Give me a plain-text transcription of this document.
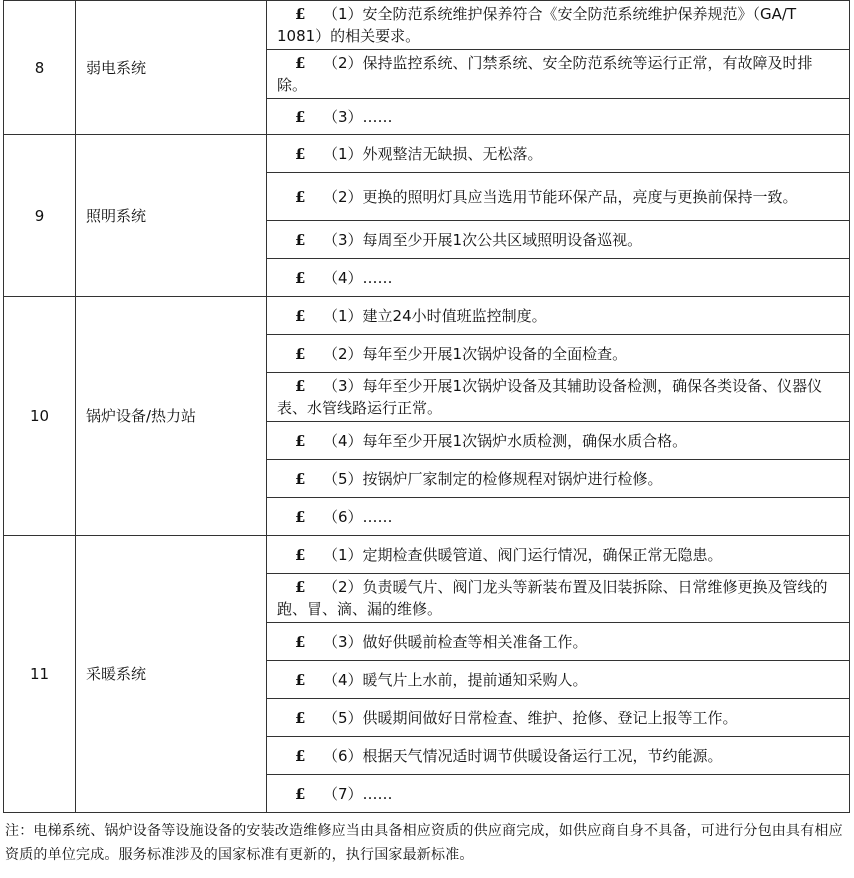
8	弱电系统	£ （1）安全防范系统维护保养符合《安全防范系统维护保养规范》（GA/T 1081）的相关要求。
		£ （2）保持监控系统、门禁系统、安全防范系统等运行正常，有故障及时排除。
		£ （3）……
9	照明系统	£ （1）外观整洁无缺损、无松落。
		£ （2）更换的照明灯具应当选用节能环保产品，亮度与更换前保持一致。
		£ （3）每周至少开展1次公共区域照明设备巡视。
		£ （4）……
10	锅炉设备/热力站	£ （1）建立24小时值班监控制度。
		£ （2）每年至少开展1次锅炉设备的全面检查。
		£ （3）每年至少开展1次锅炉设备及其辅助设备检测，确保各类设备、仪器仪表、水管线路运行正常。
		£ （4）每年至少开展1次锅炉水质检测，确保水质合格。
		£ （5）按锅炉厂家制定的检修规程对锅炉进行检修。
		£ （6）……
11	采暖系统	£ （1）定期检查供暖管道、阀门运行情况，确保正常无隐患。
		£ （2）负责暖气片、阀门龙头等新装布置及旧装拆除、日常维修更换及管线的跑、冒、滴、漏的维修。
		£ （3）做好供暖前检查等相关准备工作。
		£ （4）暖气片上水前，提前通知采购人。
		£ （5）供暖期间做好日常检查、维护、抢修、登记上报等工作。
		£ （6）根据天气情况适时调节供暖设备运行工况，节约能源。
		£ （7）……
注：电梯系统、锅炉设备等设施设备的安装改造维修应当由具备相应资质的供应商完成，如供应商自身不具备，可进行分包由具有相应资质的单位完成。服务标准涉及的国家标准有更新的，执行国家最新标准。
